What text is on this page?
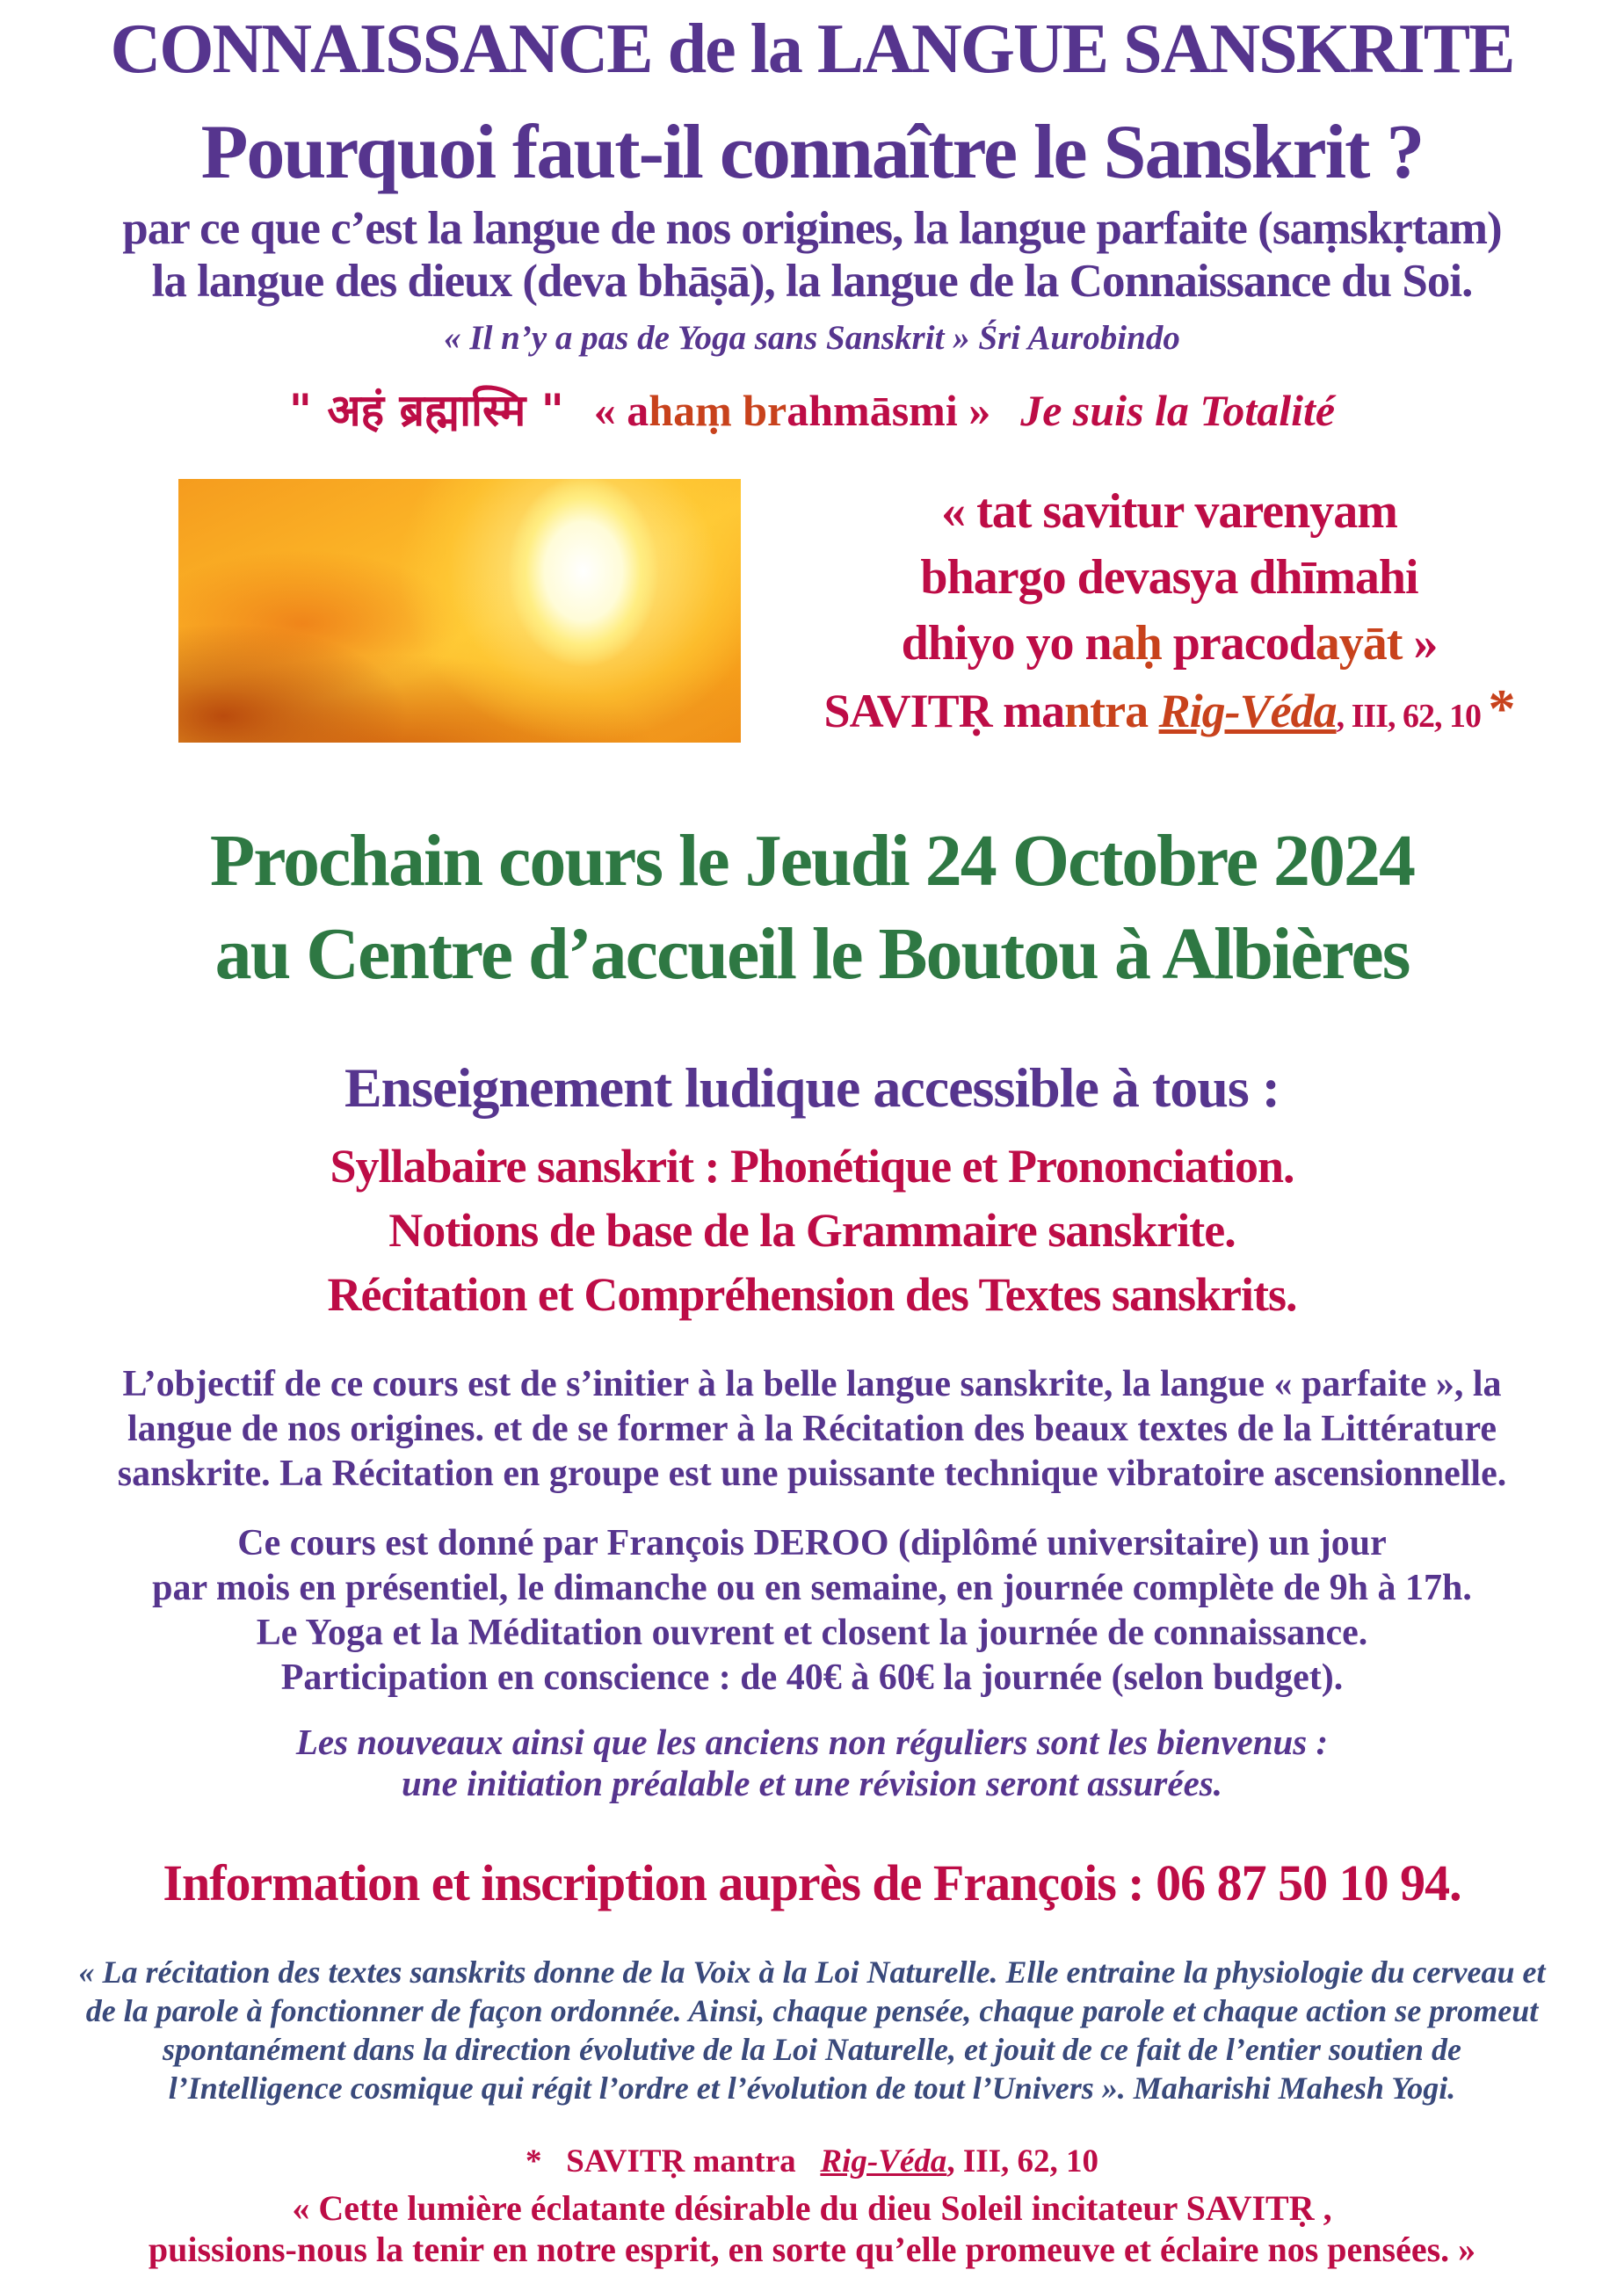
CONNAISSANCE de la LANGUE SANSKRITE
Pourquoi faut-il connaître le Sanskrit ?
par ce que c’est la langue de nos origines, la langue parfaite (saṃskṛtam)
la langue des dieux (deva bhāṣā), la langue de la Connaissance du Soi.
« Il n’y a pas de Yoga sans Sanskrit » Śri Aurobindo
" अहं ब्रह्मास्मि " « ahaṃ brahmāsmi » Je suis la Totalité
« tat savitur varenyam
bhargo devasya dhīmahi
dhiyo yo naḥ pracodayāt »
SAVITṚ mantra Rig-Véda, III, 62, 10 *
Prochain cours le Jeudi 24 Octobre 2024
au Centre d’accueil le Boutou à Albières
Enseignement ludique accessible à tous :
Syllabaire sanskrit : Phonétique et Prononciation.
Notions de base de la Grammaire sanskrite.
Récitation et Compréhension des Textes sanskrits.
L’objectif de ce cours est de s’initier à la belle langue sanskrite, la langue « parfaite », la
langue de nos origines. et de se former à la Récitation des beaux textes de la Littérature
sanskrite. La Récitation en groupe est une puissante technique vibratoire ascensionnelle.
Ce cours est donné par François DEROO (diplômé universitaire) un jour
par mois en présentiel, le dimanche ou en semaine, en journée complète de 9h à 17h.
Le Yoga et la Méditation ouvrent et closent la journée de connaissance.
Participation en conscience : de 40€ à 60€ la journée (selon budget).
Les nouveaux ainsi que les anciens non réguliers sont les bienvenus :
une initiation préalable et une révision seront assurées.
Information et inscription auprès de François : 06 87 50 10 94.
« La récitation des textes sanskrits donne de la Voix à la Loi Naturelle. Elle entraine la physiologie du cerveau et
de la parole à fonctionner de façon ordonnée. Ainsi, chaque pensée, chaque parole et chaque action se promeut
spontanément dans la direction évolutive de la Loi Naturelle, et jouit de ce fait de l’entier soutien de
l’Intelligence cosmique qui régit l’ordre et l’évolution de tout l’Univers ». Maharishi Mahesh Yogi.
*   SAVITṚ mantra   Rig-Véda, III, 62, 10
« Cette lumière éclatante désirable du dieu Soleil incitateur SAVITṚ ,
puissions-nous la tenir en notre esprit, en sorte qu’elle promeuve et éclaire nos pensées. »
